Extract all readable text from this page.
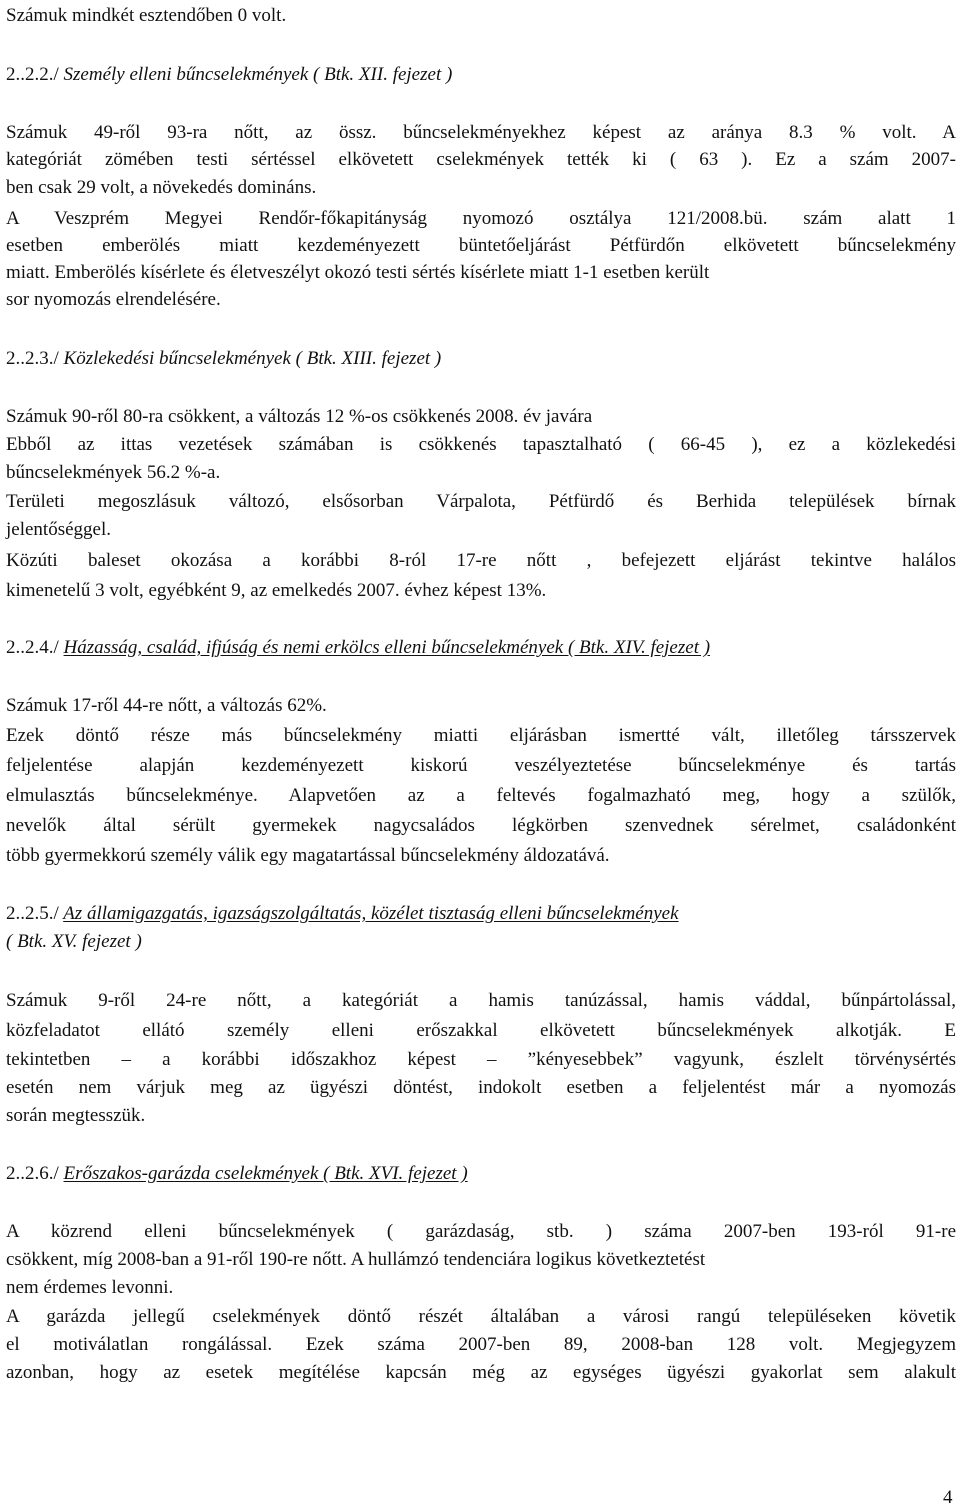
Számuk mindkét esztendőben 0 volt.
2..2.2./ Személy elleni bűncselekmények ( Btk. XII. fejezet )
Számuk 49-ről 93-ra nőtt, az össz. bűncselekményekhez képest az aránya 8.3 % volt. A
kategóriát zömében testi sértéssel elkövetett cselekmények tették ki ( 63 ). Ez a szám 2007-
ben csak 29 volt, a növekedés domináns.
A Veszprém Megyei Rendőr-főkapitányság nyomozó osztálya 121/2008.bü. szám alatt 1
esetben emberölés miatt kezdeményezett büntetőeljárást Pétfürdőn elkövetett bűncselekmény
miatt. Emberölés kísérlete és életveszélyt okozó testi sértés kísérlete miatt 1-1 esetben került
sor nyomozás elrendelésére.
2..2.3./ Közlekedési bűncselekmények ( Btk. XIII. fejezet )
Számuk 90-ről 80-ra csökkent, a változás 12 %-os csökkenés 2008. év javára
Ebből az ittas vezetések számában is csökkenés tapasztalható ( 66-45 ), ez a közlekedési
bűncselekmények 56.2 %-a.
Területi megoszlásuk változó, elsősorban Várpalota, Pétfürdő és Berhida települések bírnak
jelentőséggel.
Közúti baleset okozása a korábbi 8-ról 17-re nőtt , befejezett eljárást tekintve halálos
kimenetelű 3 volt, egyébként 9, az emelkedés 2007. évhez képest 13%.
2..2.4./ Házasság, család, ifjúság és nemi erkölcs elleni bűncselekmények ( Btk. XIV. fejezet )
Számuk 17-ről 44-re nőtt, a változás 62%.
Ezek döntő része más bűncselekmény miatti eljárásban ismertté vált, illetőleg társszervek
feljelentése alapján kezdeményezett kiskorú veszélyeztetése bűncselekménye és tartás
elmulasztás bűncselekménye. Alapvetően az a feltevés fogalmazható meg, hogy a szülők,
nevelők által sérült gyermekek nagycsaládos légkörben szenvednek sérelmet, családonként
több gyermekkorú személy válik egy magatartással bűncselekmény áldozatává.
2..2.5./ Az államigazgatás, igazságszolgáltatás, közélet tisztaság elleni bűncselekmények
( Btk. XV. fejezet )
Számuk 9-ről 24-re nőtt, a kategóriát a hamis tanúzással, hamis váddal, bűnpártolással,
közfeladatot ellátó személy elleni erőszakkal elkövetett bűncselekmények alkotják. E
tekintetben – a korábbi időszakhoz képest – ”kényesebbek” vagyunk, észlelt törvénysértés
esetén nem várjuk meg az ügyészi döntést, indokolt esetben a feljelentést már a nyomozás
során megtesszük.
2..2.6./ Erőszakos-garázda cselekmények ( Btk. XVI. fejezet )
A közrend elleni bűncselekmények ( garázdaság, stb. ) száma 2007-ben 193-ról 91-re
csökkent, míg 2008-ban a 91-ről 190-re nőtt. A hullámzó tendenciára logikus következtetést
nem érdemes levonni.
A garázda jellegű cselekmények döntő részét általában a városi rangú településeken követik
el motiválatlan rongálással. Ezek száma 2007-ben 89, 2008-ban 128 volt. Megjegyzem
azonban, hogy az esetek megítélése kapcsán még az egységes ügyészi gyakorlat sem alakult
4
